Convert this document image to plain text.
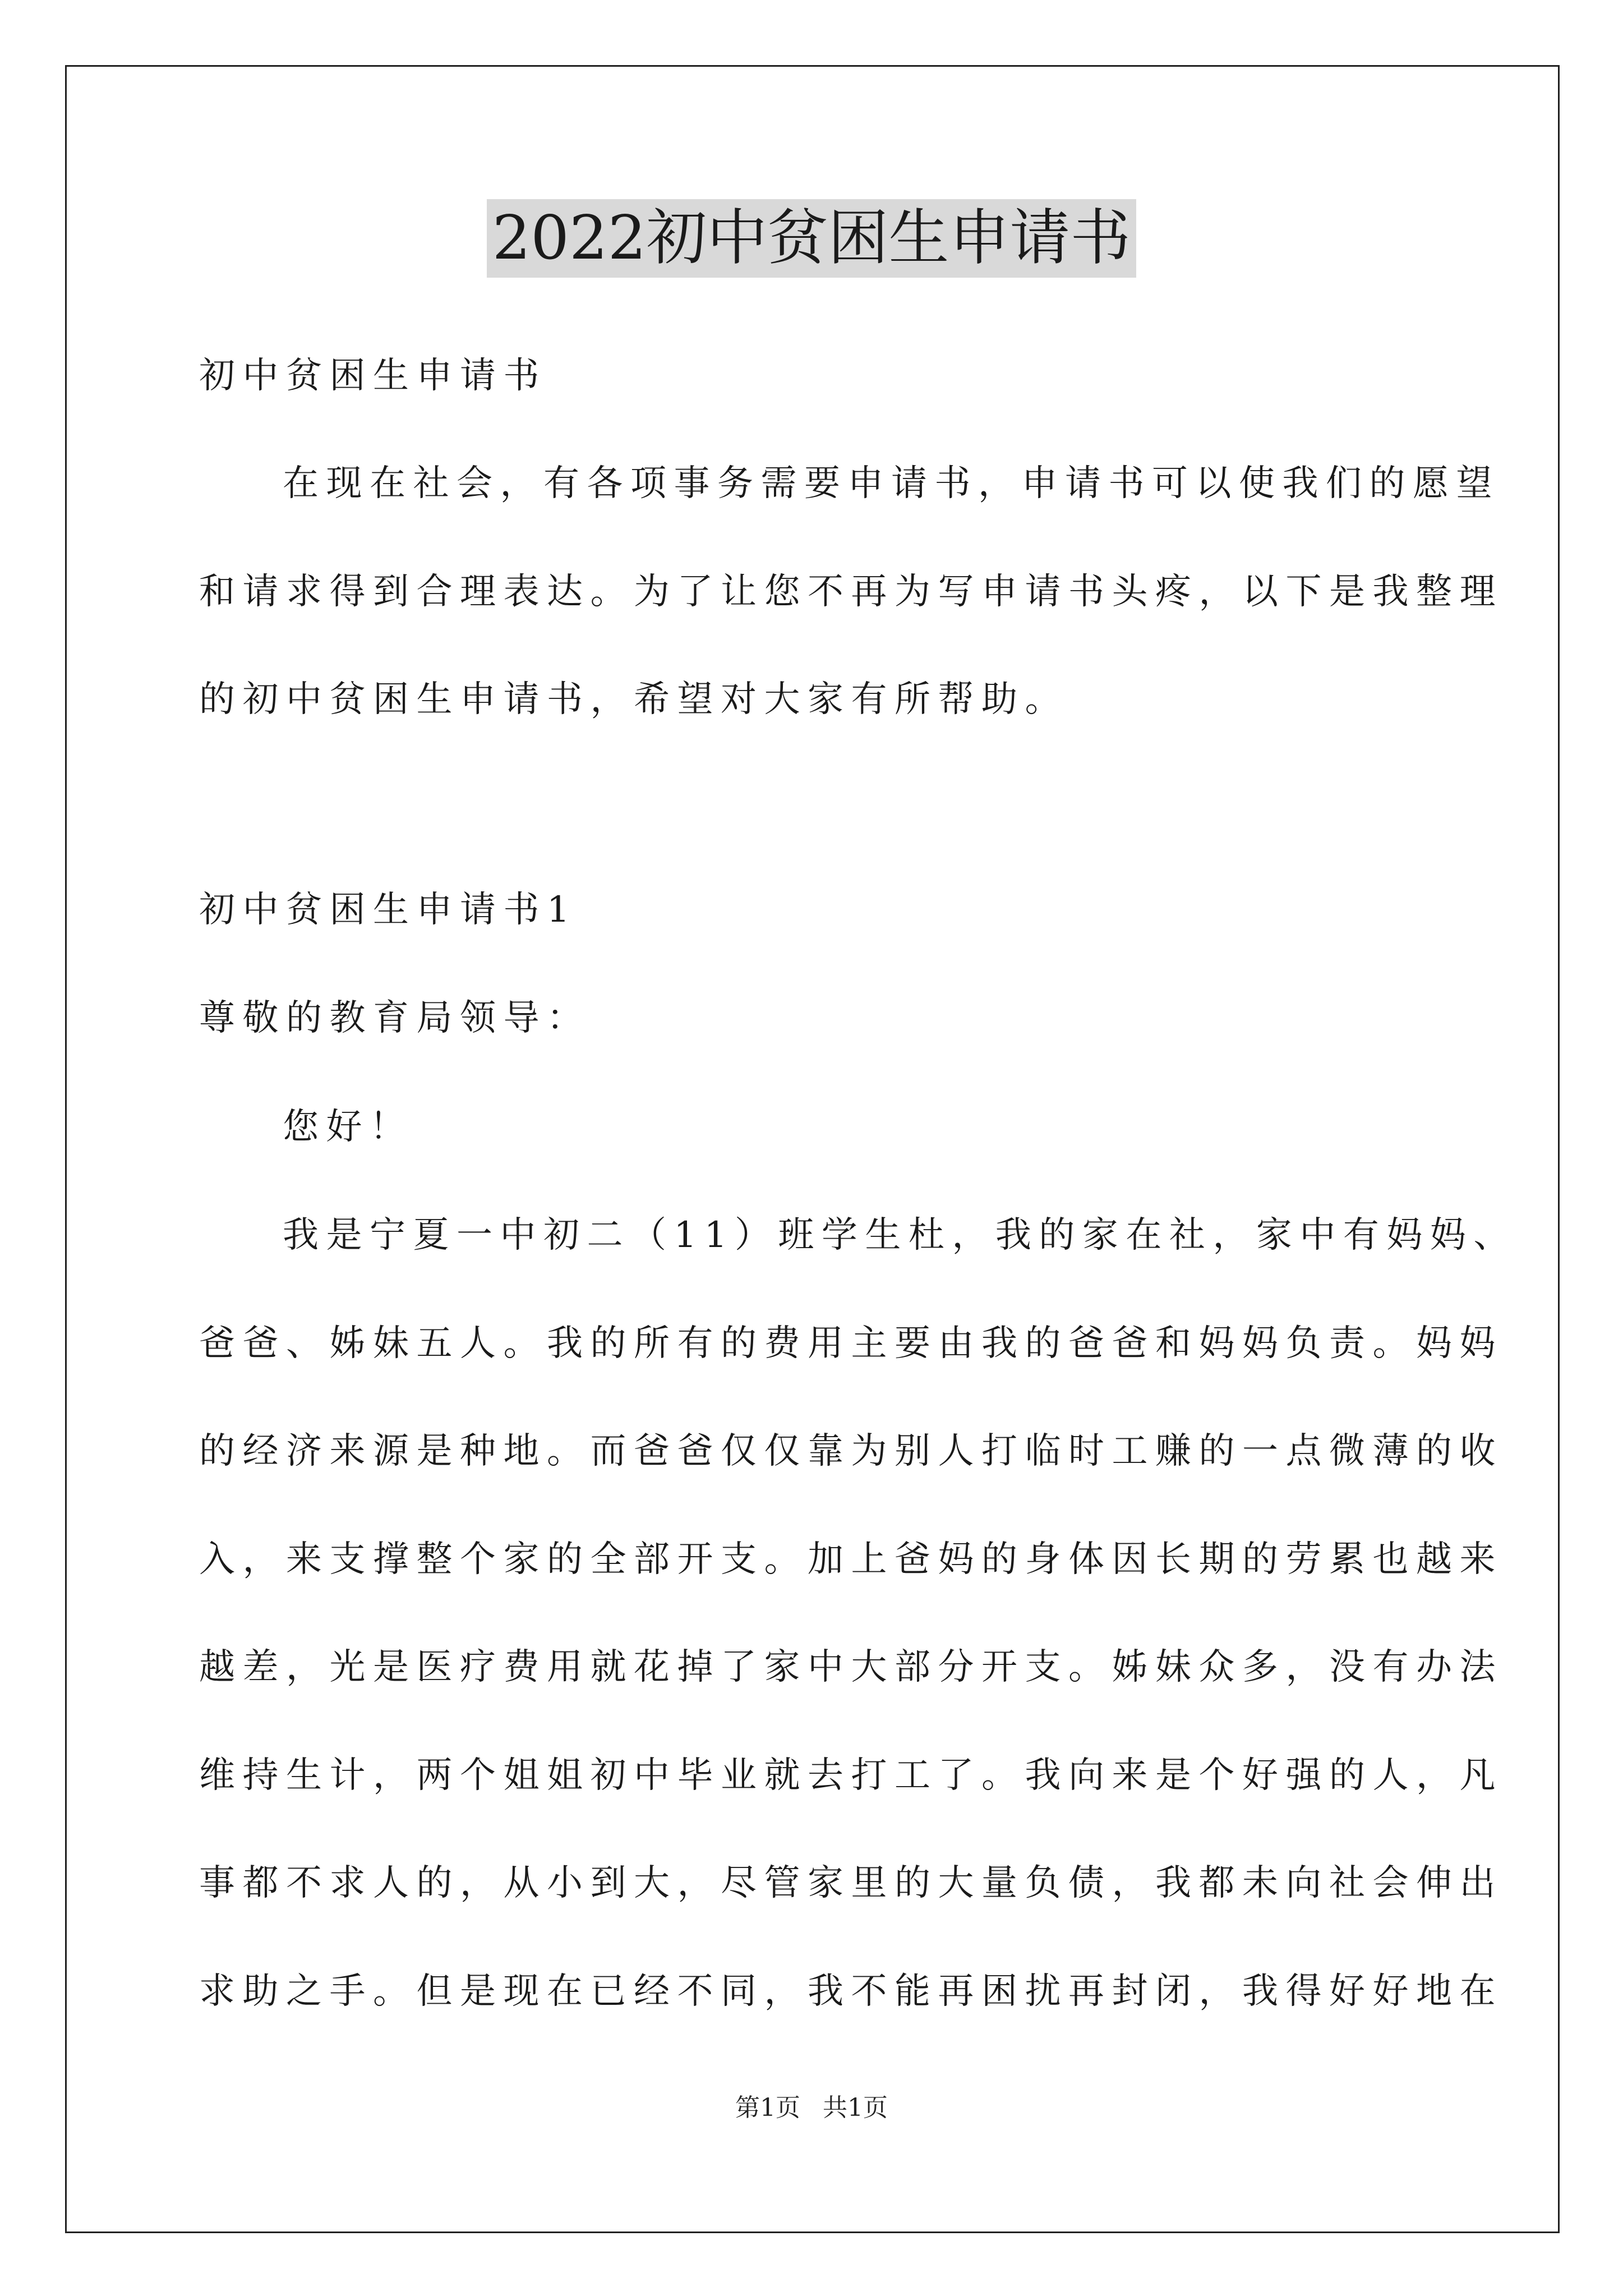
2022初中贫困生申请书
初中贫困生申请书
在现在社会，有各项事务需要申请书，申请书可以使我们的愿望
和请求得到合理表达。为了让您不再为写申请书头疼，以下是我整理
的初中贫困生申请书，希望对大家有所帮助。
初中贫困生申请书1
尊敬的教育局领导：
您好！
我是宁夏一中初二（11）班学生杜，我的家在社，家中有妈妈、
爸爸、姊妹五人。我的所有的费用主要由我的爸爸和妈妈负责。妈妈
的经济来源是种地。而爸爸仅仅靠为别人打临时工赚的一点微薄的收
入，来支撑整个家的全部开支。加上爸妈的身体因长期的劳累也越来
越差，光是医疗费用就花掉了家中大部分开支。姊妹众多，没有办法
维持生计，两个姐姐初中毕业就去打工了。我向来是个好强的人，凡
事都不求人的，从小到大，尽管家里的大量负债，我都未向社会伸出
求助之手。但是现在已经不同，我不能再困扰再封闭，我得好好地在
第1页 共1页
